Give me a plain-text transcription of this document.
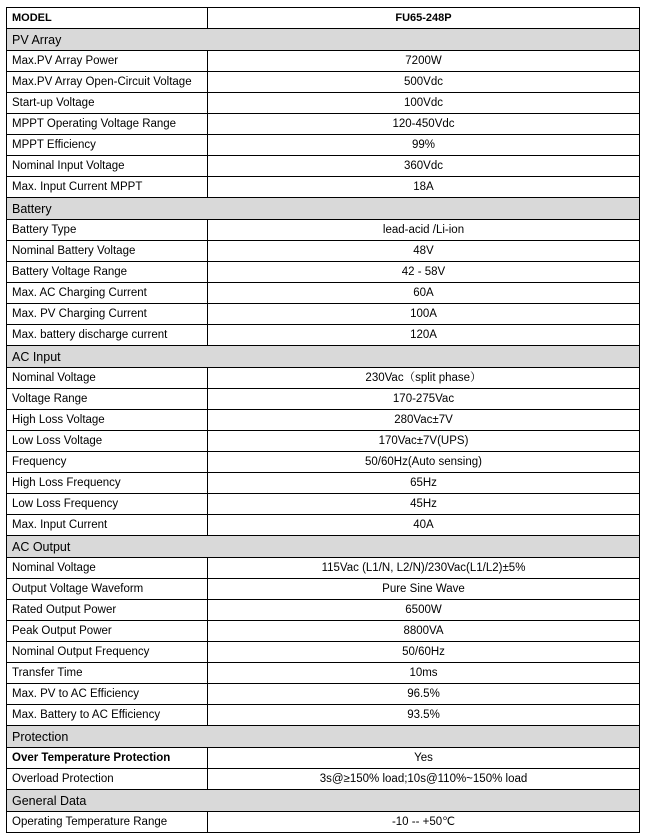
MODEL	FU65-248P
PV Array	
Max.PV Array Power	7200W
Max.PV Array Open-Circuit Voltage	500Vdc
Start-up Voltage	100Vdc
MPPT Operating Voltage Range	120-450Vdc
MPPT Efficiency	99%
Nominal Input Voltage	360Vdc
Max. Input Current MPPT	18A
Battery	
Battery Type	lead-acid /Li-ion
Nominal Battery Voltage	48V
Battery Voltage Range	42 - 58V
Max. AC Charging Current	60A
Max. PV Charging Current	100A
Max. battery discharge current	120A
AC Input	
Nominal Voltage	230Vac（split phase）
Voltage Range	170-275Vac
High Loss Voltage	280Vac±7V
Low Loss Voltage	170Vac±7V(UPS)
Frequency	50/60Hz(Auto sensing)
High Loss Frequency	65Hz
Low Loss Frequency	45Hz
Max. Input Current	40A
AC Output	
Nominal Voltage	115Vac (L1/N, L2/N)/230Vac(L1/L2)±5%
Output Voltage Waveform	Pure Sine Wave
Rated Output Power	6500W
Peak Output Power	8800VA
Nominal Output Frequency	50/60Hz
Transfer Time	10ms
Max. PV to AC Efficiency	96.5%
Max. Battery to AC Efficiency	93.5%
Protection	
Over Temperature Protection	Yes
Overload Protection	3s@≥150% load;10s@110%~150% load
General Data	
Operating Temperature Range	-10 -- +50℃
